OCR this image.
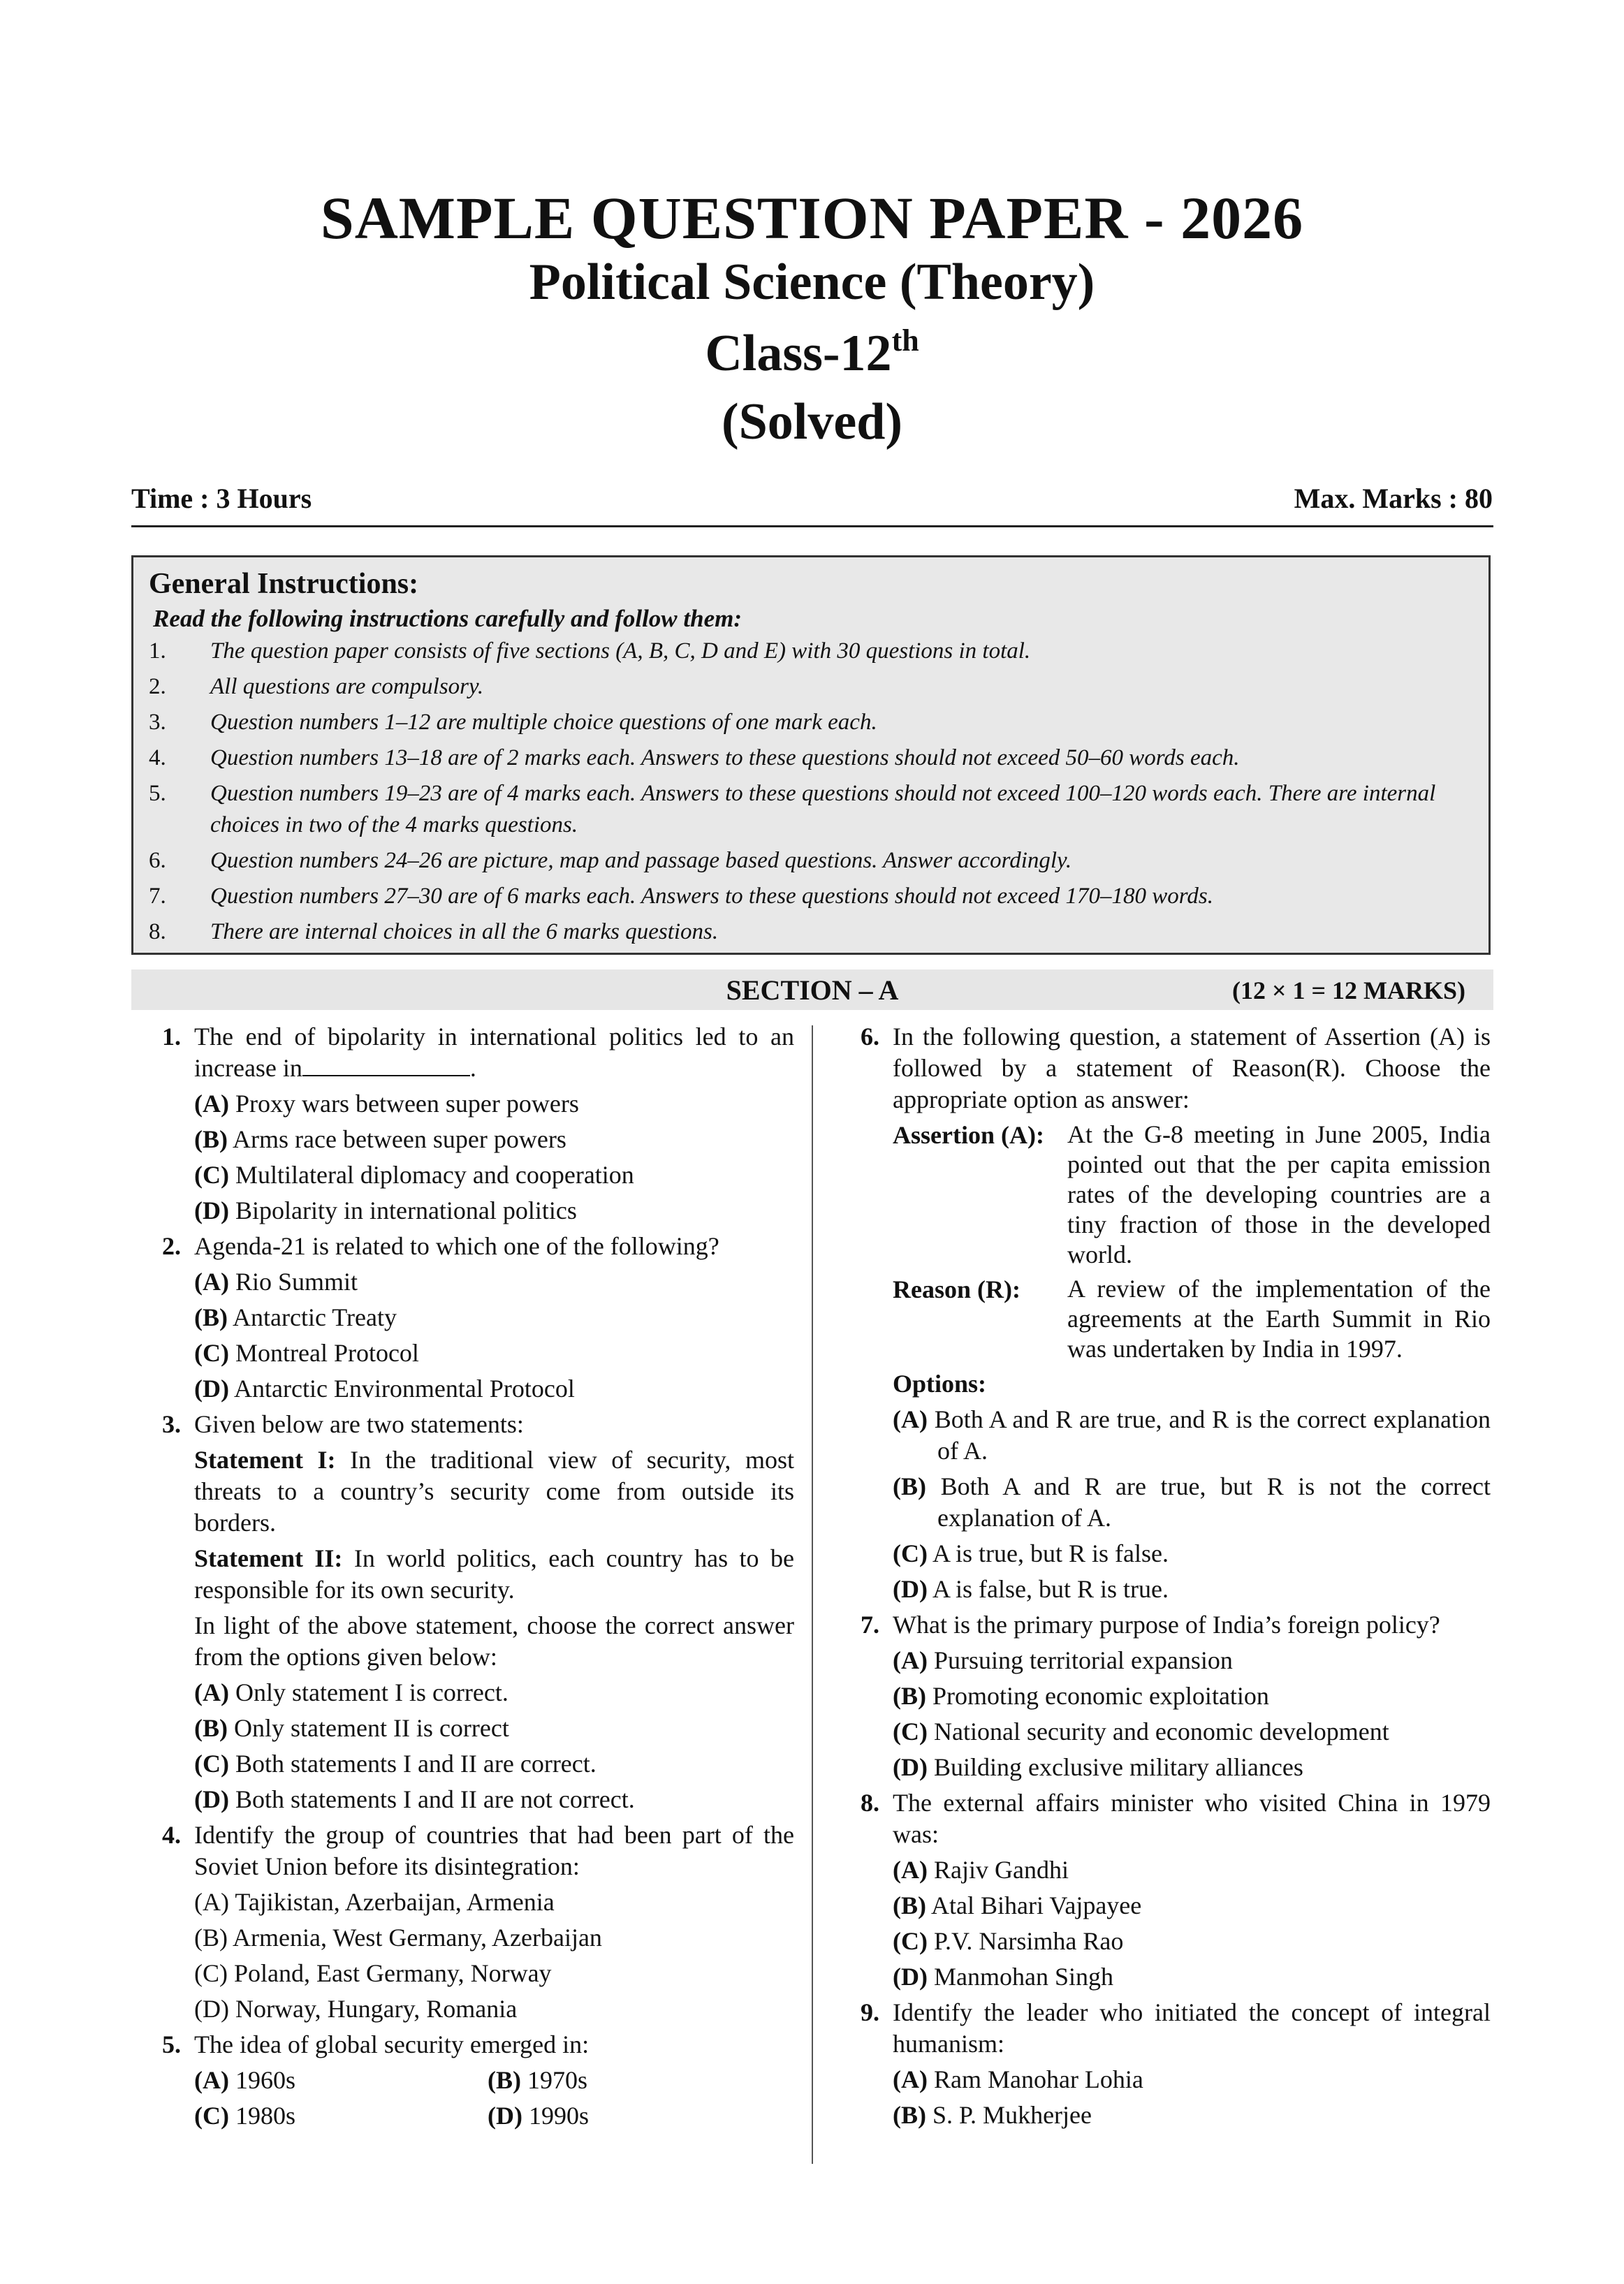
SAMPLE QUESTION PAPER - 2026
Political Science (Theory)
Class-12th
(Solved)
Time : 3 Hours	Max. Marks : 80
General Instructions:
Read the following instructions carefully and follow them:
1. The question paper consists of five sections (A, B, C, D and E) with 30 questions in total.
2. All questions are compulsory.
3. Question numbers 1–12 are multiple choice questions of one mark each.
4. Question numbers 13–18 are of 2 marks each. Answers to these questions should not exceed 50–60 words each.
5. Question numbers 19–23 are of 4 marks each. Answers to these questions should not exceed 100–120 words each. There are internal choices in two of the 4 marks questions.
6. Question numbers 24–26 are picture, map and passage based questions. Answer accordingly.
7. Question numbers 27–30 are of 6 marks each. Answers to these questions should not exceed 170–180 words.
8. There are internal choices in all the 6 marks questions.
SECTION – A	(12 × 1 = 12 MARKS)
1. The end of bipolarity in international politics led to an increase in	.
(A) Proxy wars between super powers
(B) Arms race between super powers
(C) Multilateral diplomacy and cooperation
(D) Bipolarity in international politics
2. Agenda-21 is related to which one of the following?
(A) Rio Summit
(B) Antarctic Treaty
(C) Montreal Protocol
(D) Antarctic Environmental Protocol
3. Given below are two statements:
Statement I: In the traditional view of security, most threats to a country’s security come from outside its borders.
Statement II: In world politics, each country has to be responsible for its own security.
In light of the above statement, choose the correct answer from the options given below:
(A) Only statement I is correct.
(B) Only statement II is correct
(C) Both statements I and II are correct.
(D) Both statements I and II are not correct.
4. Identify the group of countries that had been part of the Soviet Union before its disintegration:
(A) Tajikistan, Azerbaijan, Armenia
(B) Armenia, West Germany, Azerbaijan
(C) Poland, East Germany, Norway
(D) Norway, Hungary, Romania
5. The idea of global security emerged in:
(A) 1960s	(B) 1970s
(C) 1980s	(D) 1990s
6. In the following question, a statement of Assertion (A) is followed by a statement of Reason(R). Choose the appropriate option as answer:
Assertion (A): At the G-8 meeting in June 2005, India pointed out that the per capita emission rates of the developing countries are a tiny fraction of those in the developed world.
Reason (R):	A review of the implementation of the agreements at the Earth Summit in Rio was undertaken by India in 1997.
Options:
(A) Both A and R are true, and R is the correct explanation of A.
(B) Both A and R are true, but R is not the correct explanation of A.
(C) A is true, but R is false.
(D) A is false, but R is true.
7. What is the primary purpose of India’s foreign policy?
(A) Pursuing territorial expansion
(B) Promoting economic exploitation
(C) National security and economic development
(D) Building exclusive military alliances
8. The external affairs minister who visited China in 1979 was:
(A) Rajiv Gandhi
(B) Atal Bihari Vajpayee
(C) P.V. Narsimha Rao
(D) Manmohan Singh
9. Identify the leader who initiated the concept of integral humanism:
(A) Ram Manohar Lohia
(B) S. P. Mukherjee
